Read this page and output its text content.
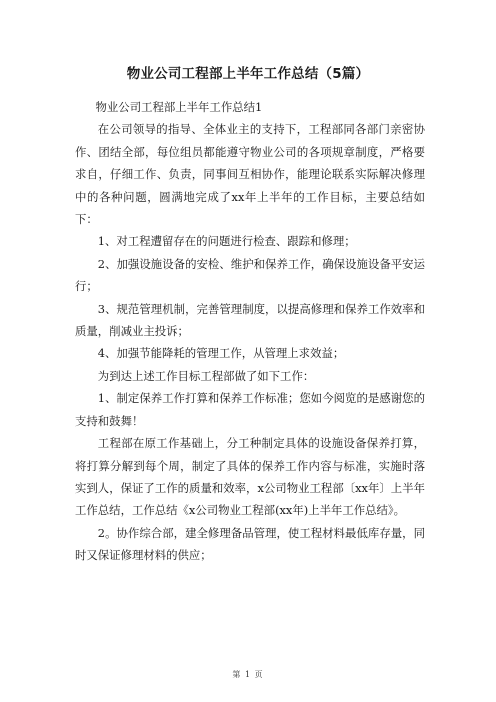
物业公司工程部上半年工作总结（5篇）

物业公司工程部上半年工作总结1

在公司领导的指导、全体业主的支持下，工程部同各部门亲密协作、团结全部，每位组员都能遵守物业公司的各项规章制度，严格要求自，仔细工作、负责，同事间互相协作，能理论联系实际解决修理中的各种问题，圆满地完成了xx年上半年的工作目标，主要总结如下：

1、对工程遭留存在的问题进行检查、跟踪和修理；

2、加强设施设备的安检、维护和保养工作，确保设施设备平安运行；

3、规范管理机制，完善管理制度，以提高修理和保养工作效率和质量，削减业主投诉；

4、加强节能降耗的管理工作，从管理上求效益；

为到达上述工作目标工程部做了如下工作：

1、制定保养工作打算和保养工作标准；您如今阅览的是感谢您的支持和鼓舞！

工程部在原工作基础上，分工种制定具体的设施设备保养打算，将打算分解到每个周，制定了具体的保养工作内容与标准，实施时落实到人，保证了工作的质量和效率，x公司物业工程部〔xx年〕上半年工作总结，工作总结《x公司物业工程部(xx年)上半年工作总结》。

2。协作综合部，建全修理备品管理，使工程材料最低库存量，同时又保证修理材料的供应；

第 1 页
